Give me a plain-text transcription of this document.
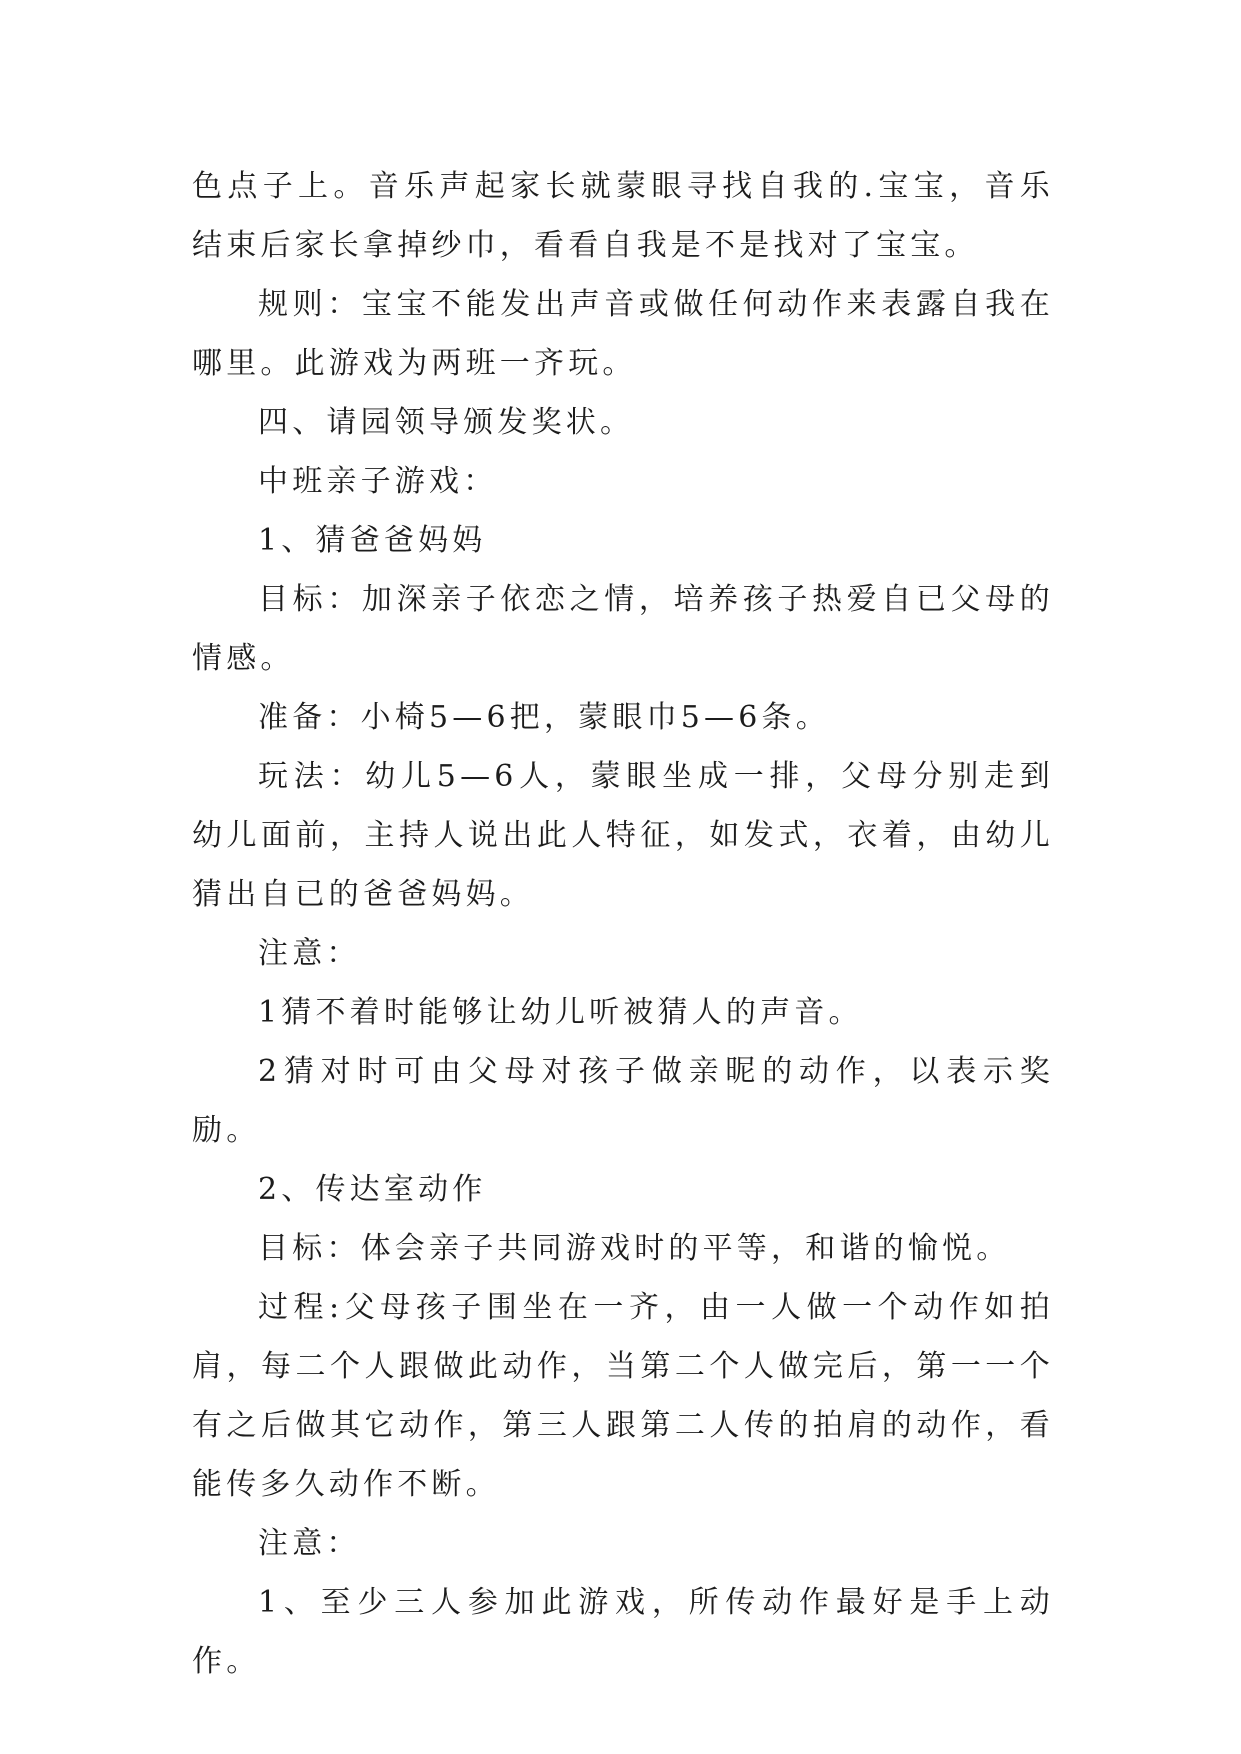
色点子上。音乐声起家长就蒙眼寻找自我的.宝宝，音乐结束后家长拿掉纱巾，看看自我是不是找对了宝宝。

规则：宝宝不能发出声音或做任何动作来表露自我在哪里。此游戏为两班一齐玩。

四、请园领导颁发奖状。

中班亲子游戏：

1、猜爸爸妈妈

目标：加深亲子依恋之情，培养孩子热爱自已父母的情感。

准备：小椅5—6把，蒙眼巾5—6条。

玩法：幼儿5—6人，蒙眼坐成一排，父母分别走到幼儿面前，主持人说出此人特征，如发式，衣着，由幼儿猜出自已的爸爸妈妈。

注意：

1猜不着时能够让幼儿听被猜人的声音。

2猜对时可由父母对孩子做亲昵的动作，以表示奖励。

2、传达室动作

目标：体会亲子共同游戏时的平等，和谐的愉悦。

过程:父母孩子围坐在一齐，由一人做一个动作如拍肩，每二个人跟做此动作，当第二个人做完后，第一一个有之后做其它动作，第三人跟第二人传的拍肩的动作，看能传多久动作不断。

注意：

1、至少三人参加此游戏，所传动作最好是手上动作。
